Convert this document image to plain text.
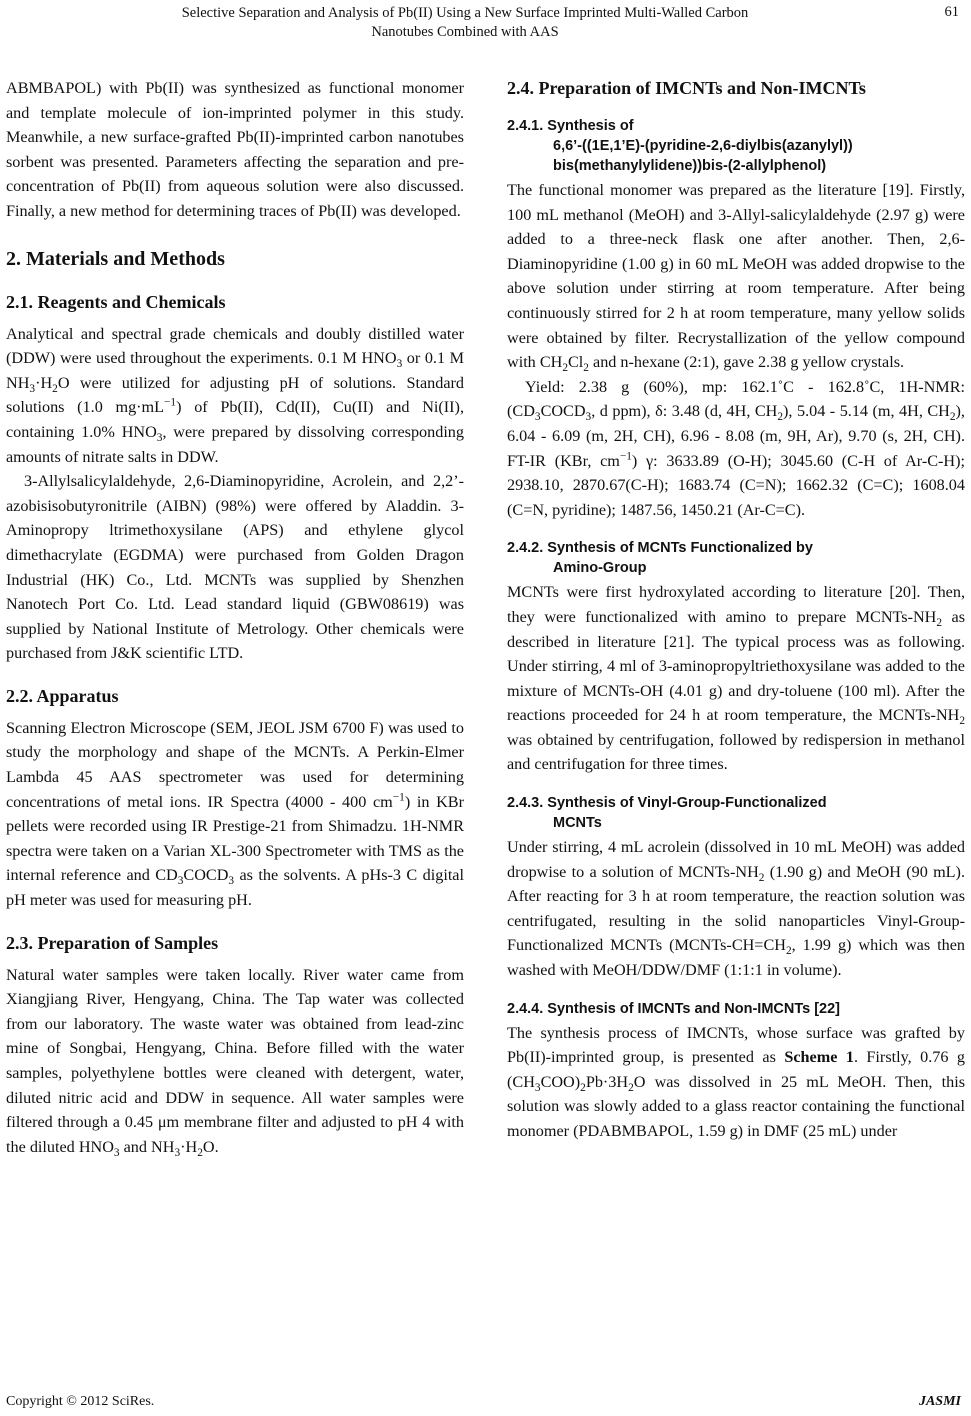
Selective Separation and Analysis of Pb(II) Using a New Surface Imprinted Multi-Walled Carbon
Nanotubes Combined with AAS
61

ABMBAPOL) with Pb(II) was synthesized as functional monomer and template molecule of ion-imprinted polymer in this study. Meanwhile, a new surface-grafted Pb(II)-imprinted carbon nanotubes sorbent was presented. Parameters affecting the separation and pre-concentration of Pb(II) from aqueous solution were also discussed. Finally, a new method for determining traces of Pb(II) was developed.

2. Materials and Methods
2.1. Reagents and Chemicals

Analytical and spectral grade chemicals and doubly distilled water (DDW) were used throughout the experiments. 0.1 M $HNO_3$ or 0.1 M $NH_3\cdot H_2O$ were utilized for adjusting pH of solutions. Standard solutions (1.0 $mg\cdot mL^{-1}$) of Pb(II), Cd(II), Cu(II) and Ni(II), containing 1.0% $HNO_3$, were prepared by dissolving corresponding amounts of nitrate salts in DDW.

3-Allylsalicylaldehyde, 2,6-Diaminopyridine, Acrolein, and 2,2’-azobisisobutyronitrile (AIBN) (98%) were offered by Aladdin. 3-Aminopropy ltrimethoxysilane (APS) and ethylene glycol dimethacrylate (EGDMA) were purchased from Golden Dragon Industrial (HK) Co., Ltd. MCNTs was supplied by Shenzhen Nanotech Port Co. Ltd. Lead standard liquid (GBW08619) was supplied by National Institute of Metrology. Other chemicals were purchased from J&K scientific LTD.

2.2. Apparatus

Scanning Electron Microscope (SEM, JEOL JSM 6700 F) was used to study the morphology and shape of the MCNTs. A Perkin-Elmer Lambda 45 AAS spectrometer was used for determining concentrations of metal ions. IR Spectra (4000 - 400 $cm^{-1}$) in KBr pellets were recorded using IR Prestige-21 from Shimadzu. 1H-NMR spectra were taken on a Varian XL-300 Spectrometer with TMS as the internal reference and $CD_3COCD_3$ as the solvents. A pHs-3 C digital pH meter was used for measuring pH.

2.3. Preparation of Samples

Natural water samples were taken locally. River water came from Xiangjiang River, Hengyang, China. The Tap water was collected from our laboratory. The waste water was obtained from lead-zinc mine of Songbai, Hengyang, China. Before filled with the water samples, polyethylene bottles were cleaned with detergent, water, diluted nitric acid and DDW in sequence. All water samples were filtered through a 0.45 μm membrane filter and adjusted to pH 4 with the diluted $HNO_3$ and $NH_3\cdot H_2O$.

2.4. Preparation of IMCNTs and Non-IMCNTs
2.4.1. Synthesis of
6,6’-((1E,1’E)-(pyridine-2,6-diylbis(azanylyl))
bis(methanylylidene))bis-(2-allylphenol)

The functional monomer was prepared as the literature [19]. Firstly, 100 mL methanol (MeOH) and 3-Allyl-salicylaldehyde (2.97 g) were added to a three-neck flask one after another. Then, 2,6-Diaminopyridine (1.00 g) in 60 mL MeOH was added dropwise to the above solution under stirring at room temperature. After being continuously stirred for 2 h at room temperature, many yellow solids were obtained by filter. Recrystallization of the yellow compound with $CH_2Cl_2$ and n-hexane (2:1), gave 2.38 g yellow crystals.

Yield: 2.38 g (60%), mp: 162.1˚C - 162.8˚C, 1H-NMR: ($CD_3COCD_3$, d ppm), δ: 3.48 (d, 4H, $CH_2$), 5.04 - 5.14 (m, 4H, $CH_2$), 6.04 - 6.09 (m, 2H, CH), 6.96 - 8.08 (m, 9H, Ar), 9.70 (s, 2H, CH). FT-IR (KBr, $cm^{-1}$) γ: 3633.89 (O-H); 3045.60 (C-H of Ar-C-H); 2938.10, 2870.67(C-H); 1683.74 (C=N); 1662.32 (C=C); 1608.04 (C=N, pyridine); 1487.56, 1450.21 (Ar-C=C).

2.4.2. Synthesis of MCNTs Functionalized by
Amino-Group

MCNTs were first hydroxylated according to literature [20]. Then, they were functionalized with amino to prepare MCNTs-$NH_2$ as described in literature [21]. The typical process was as following. Under stirring, 4 ml of 3-aminopropyltriethoxysilane was added to the mixture of MCNTs-OH (4.01 g) and dry-toluene (100 ml). After the reactions proceeded for 24 h at room temperature, the MCNTs-$NH_2$ was obtained by centrifugation, followed by redispersion in methanol and centrifugation for three times.

2.4.3. Synthesis of Vinyl-Group-Functionalized
MCNTs

Under stirring, 4 mL acrolein (dissolved in 10 mL MeOH) was added dropwise to a solution of MCNTs-$NH_2$ (1.90 g) and MeOH (90 mL). After reacting for 3 h at room temperature, the reaction solution was centrifugated, resulting in the solid nanoparticles Vinyl-Group-Functionalized MCNTs ($MCNTs-CH=CH_2$, 1.99 g) which was then washed with MeOH/DDW/DMF (1:1:1 in volume).

2.4.4. Synthesis of IMCNTs and Non-IMCNTs [22]

The synthesis process of IMCNTs, whose surface was grafted by Pb(II)-imprinted group, is presented as Scheme 1. Firstly, 0.76 g $(CH_3COO)_2Pb\cdot 3H_2O$ was dissolved in 25 mL MeOH. Then, this solution was slowly added to a glass reactor containing the functional monomer (PDABMBAPOL, 1.59 g) in DMF (25 mL) under

Copyright © 2012 SciRes.	JASMI
